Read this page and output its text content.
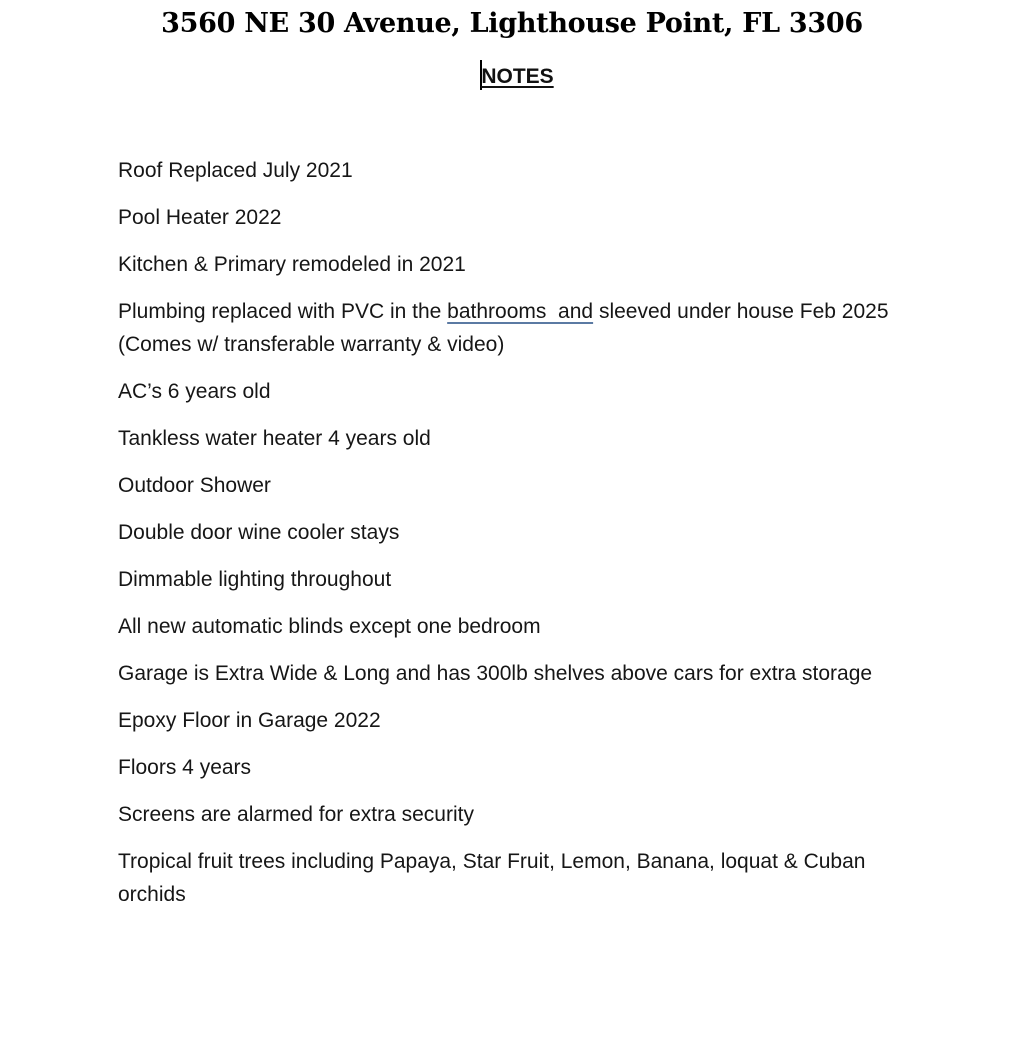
3560 NE 30 Avenue, Lighthouse Point, FL 3306
NOTES
Roof Replaced July 2021
Pool Heater 2022
Kitchen & Primary remodeled in 2021
Plumbing replaced with PVC in the bathrooms  and sleeved under house Feb 2025 (Comes w/ transferable warranty & video)
AC’s 6 years old
Tankless water heater 4 years old
Outdoor Shower
Double door wine cooler stays
Dimmable lighting throughout
All new automatic blinds except one bedroom
Garage is Extra Wide & Long and has 300lb shelves above cars for extra storage
Epoxy Floor in Garage 2022
Floors 4 years
Screens are alarmed for extra security
Tropical fruit trees including Papaya, Star Fruit, Lemon, Banana, loquat & Cuban orchids
